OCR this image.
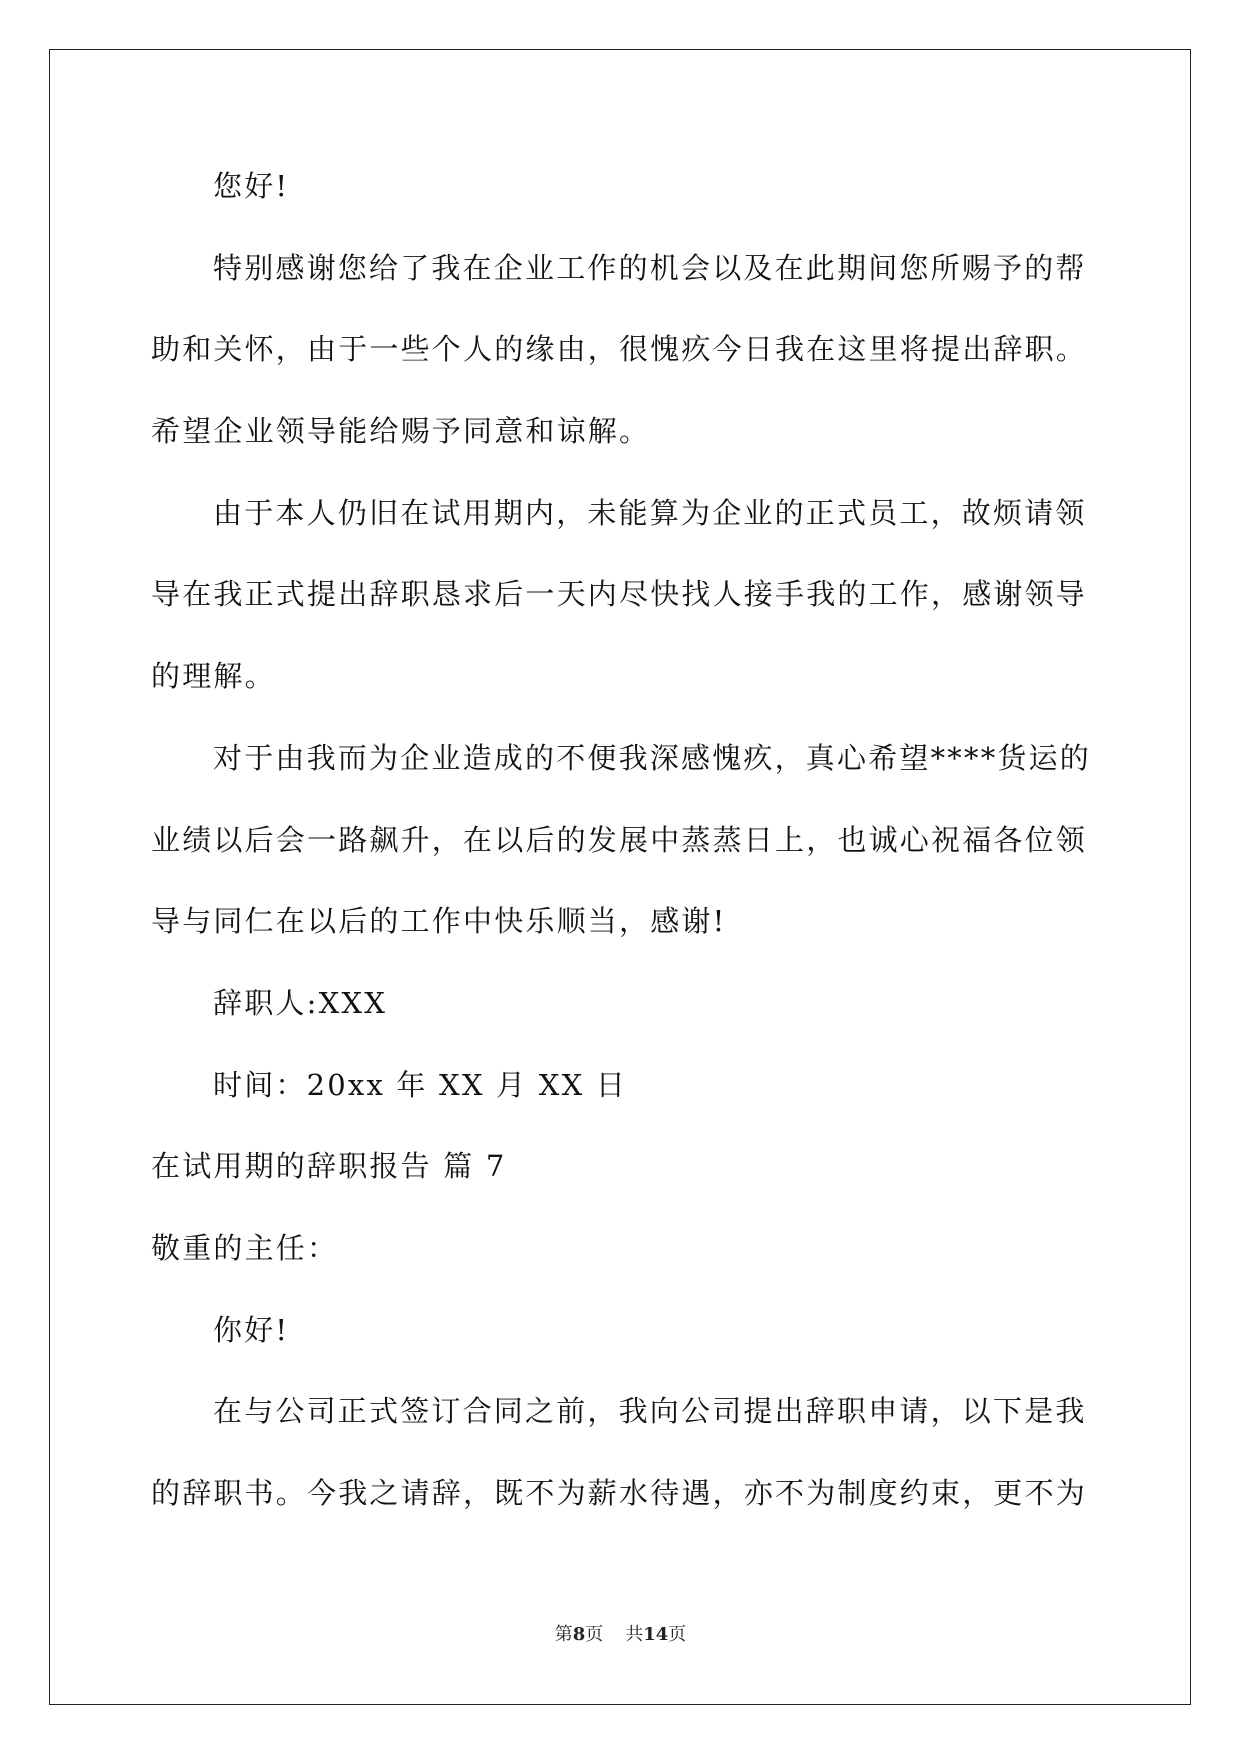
您好!
特别感谢您给了我在企业工作的机会以及在此期间您所赐予的帮
助和关怀，由于一些个人的缘由，很愧疚今日我在这里将提出辞职。
希望企业领导能给赐予同意和谅解。
由于本人仍旧在试用期内，未能算为企业的正式员工，故烦请领
导在我正式提出辞职恳求后一天内尽快找人接手我的工作，感谢领导
的理解。
对于由我而为企业造成的不便我深感愧疚，真心希望****货运的
业绩以后会一路飙升，在以后的发展中蒸蒸日上，也诚心祝福各位领
导与同仁在以后的工作中快乐顺当，感谢!
辞职人:XXX
时间：20xx 年 XX 月 XX 日
在试用期的辞职报告 篇 7
敬重的主任：
你好!
在与公司正式签订合同之前，我向公司提出辞职申请，以下是我
的辞职书。今我之请辞，既不为薪水待遇，亦不为制度约束，更不为
第8页 共14页
